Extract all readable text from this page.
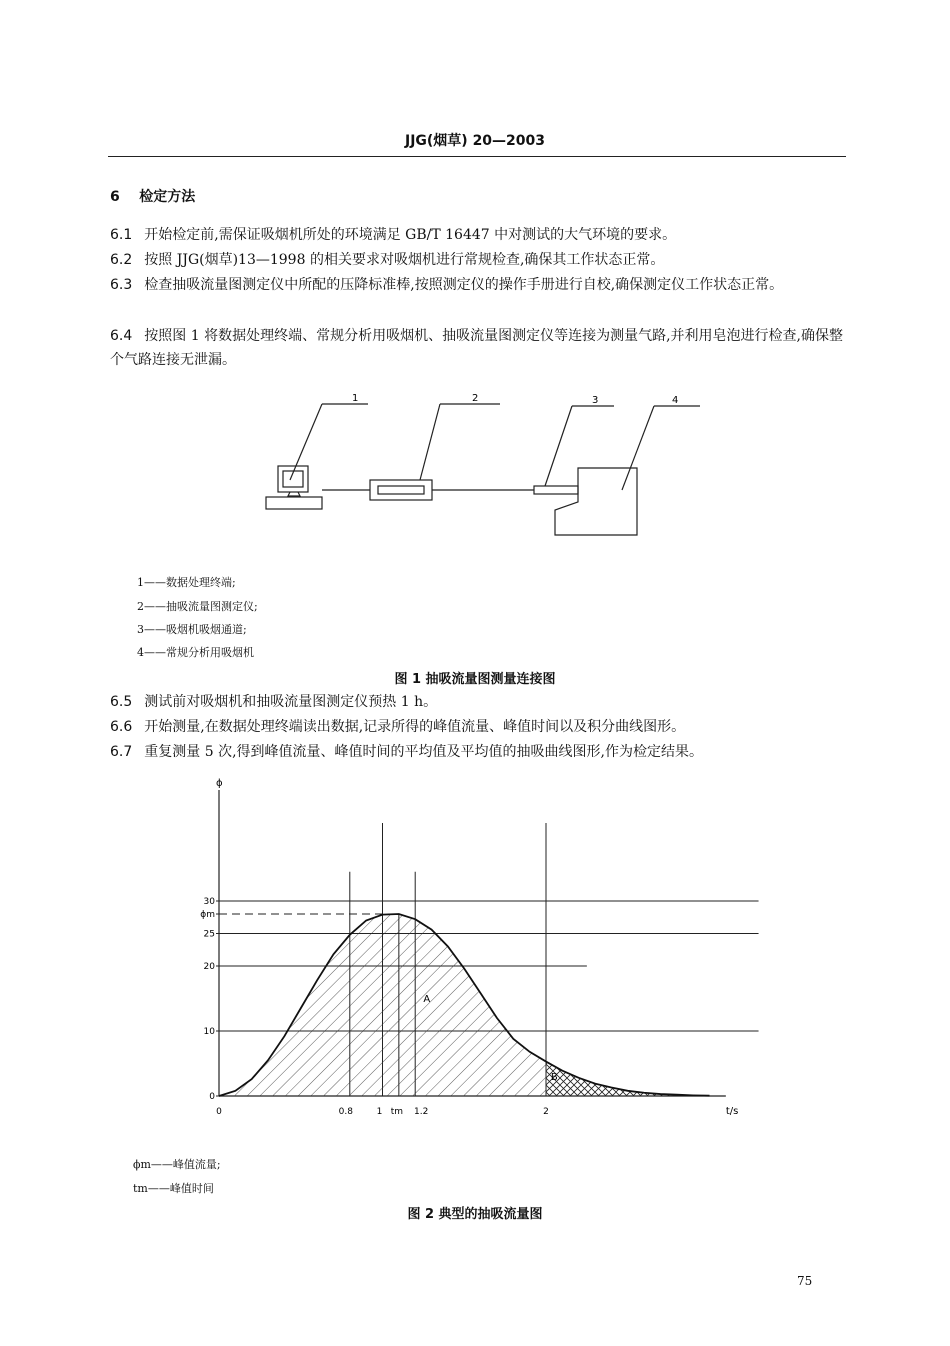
JJG(烟草) 20—2003
6 检定方法
6.1 开始检定前,需保证吸烟机所处的环境满足 GB/T 16447 中对测试的大气环境的要求。
6.2 按照 JJG(烟草)13—1998 的相关要求对吸烟机进行常规检查,确保其工作状态正常。
6.3 检查抽吸流量图测定仪中所配的压降标准棒,按照测定仪的操作手册进行自校,确保测定仪工作状态正常。
6.4 按照图 1 将数据处理终端、常规分析用吸烟机、抽吸流量图测定仪等连接为测量气路,并利用皂泡进行检查,确保整个气路连接无泄漏。
1	2	3	4
1——数据处理终端;
2——抽吸流量图测定仪;
3——吸烟机吸烟通道;
4——常规分析用吸烟机
图 1 抽吸流量图测量连接图
6.5 测试前对吸烟机和抽吸流量图测定仪预热 1 h。
6.6 开始测量,在数据处理终端读出数据,记录所得的峰值流量、峰值时间以及积分曲线图形。
6.7 重复测量 5 次,得到峰值流量、峰值时间的平均值及平均值的抽吸曲线图形,作为检定结果。
ϕ
0
10
20
25
ϕm
30
0	0.8	1 tm 1.2	2	t/s
A
B
ϕm——峰值流量;
tm——峰值时间
图 2 典型的抽吸流量图
75
